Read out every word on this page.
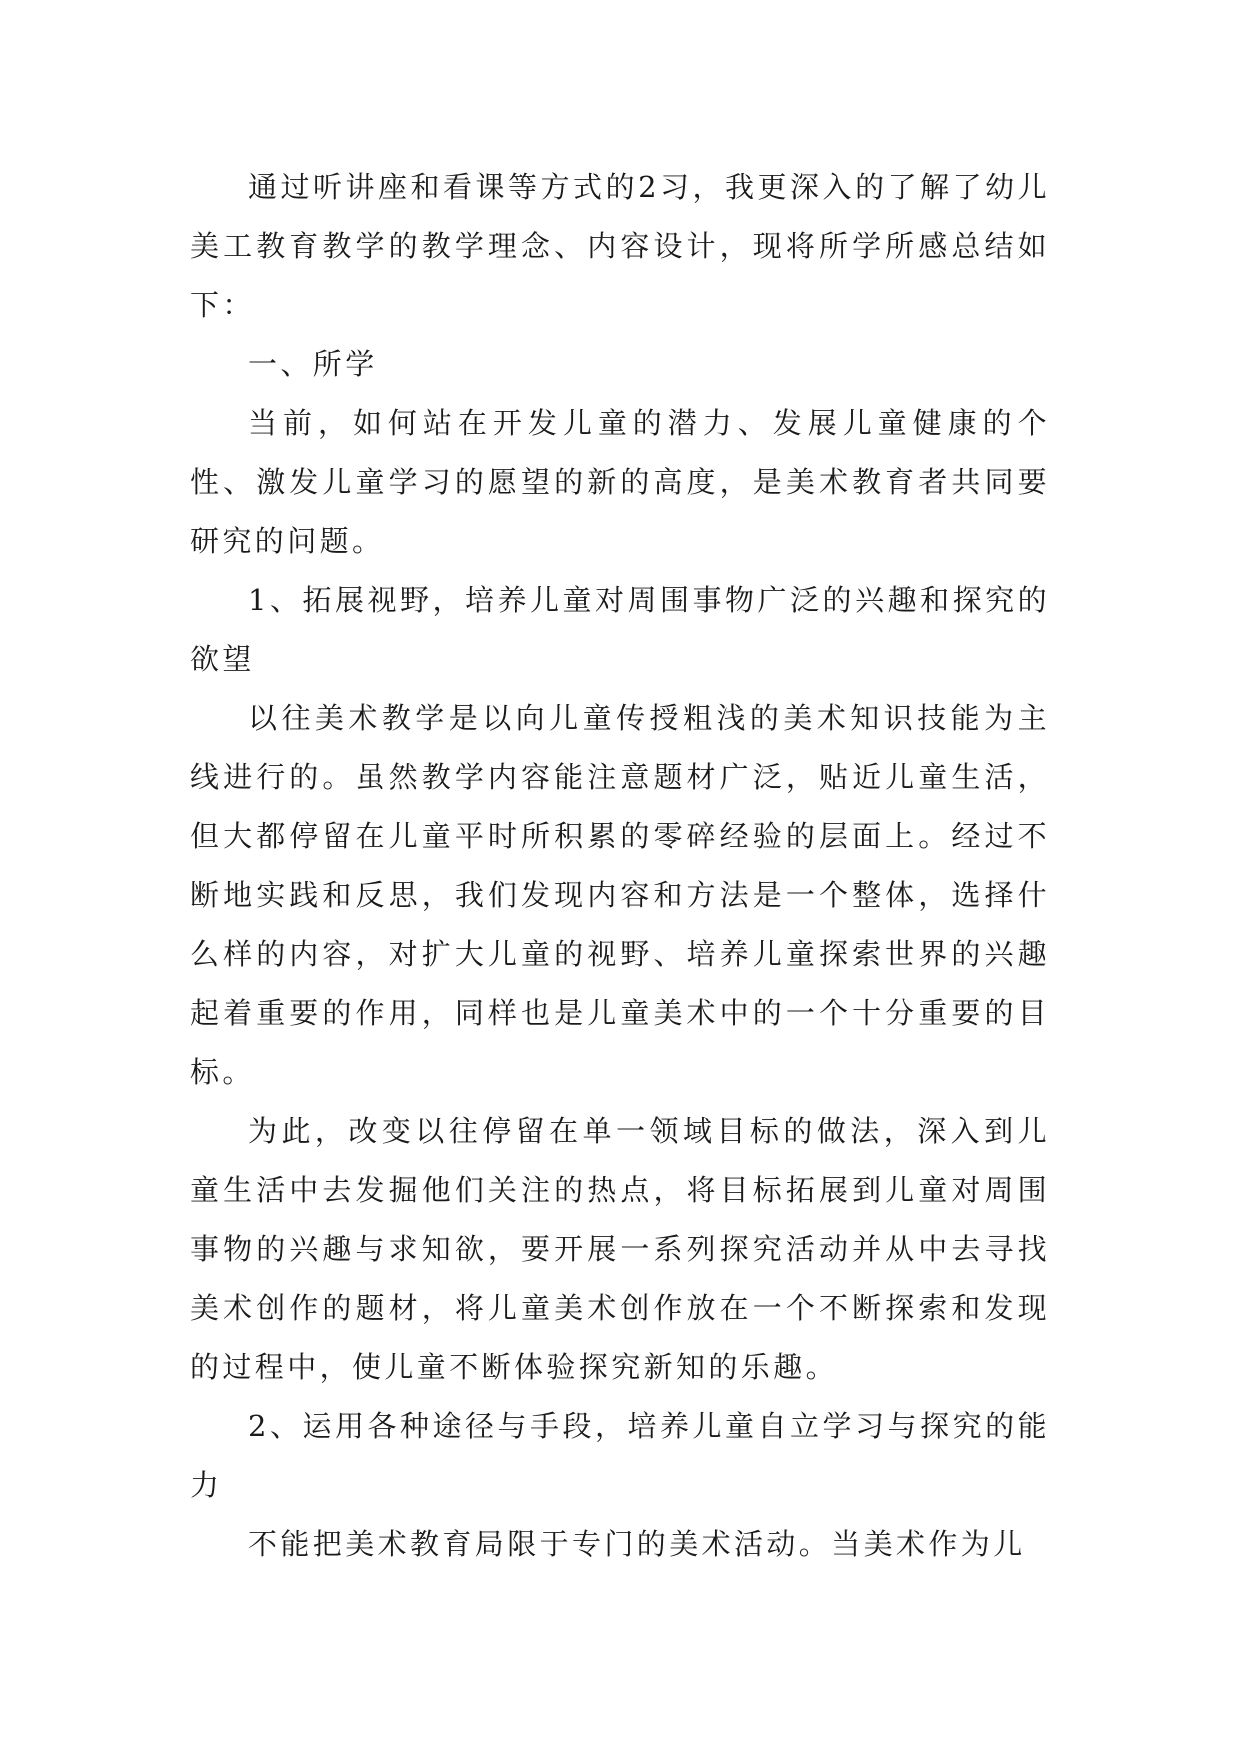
通过听讲座和看课等方式的2习，我更深入的了解了幼儿美工教育教学的教学理念、内容设计，现将所学所感总结如下：

一、所学

当前，如何站在开发儿童的潜力、发展儿童健康的个性、激发儿童学习的愿望的新的高度，是美术教育者共同要研究的问题。

1、拓展视野，培养儿童对周围事物广泛的兴趣和探究的欲望

以往美术教学是以向儿童传授粗浅的美术知识技能为主线进行的。虽然教学内容能注意题材广泛，贴近儿童生活，但大都停留在儿童平时所积累的零碎经验的层面上。经过不断地实践和反思，我们发现内容和方法是一个整体，选择什么样的内容，对扩大儿童的视野、培养儿童探索世界的兴趣起着重要的作用，同样也是儿童美术中的一个十分重要的目标。

为此，改变以往停留在单一领域目标的做法，深入到儿童生活中去发掘他们关注的热点，将目标拓展到儿童对周围事物的兴趣与求知欲，要开展一系列探究活动并从中去寻找美术创作的题材，将儿童美术创作放在一个不断探索和发现的过程中，使儿童不断体验探究新知的乐趣。

2、运用各种途径与手段，培养儿童自立学习与探究的能力

不能把美术教育局限于专门的美术活动。当美术作为儿
